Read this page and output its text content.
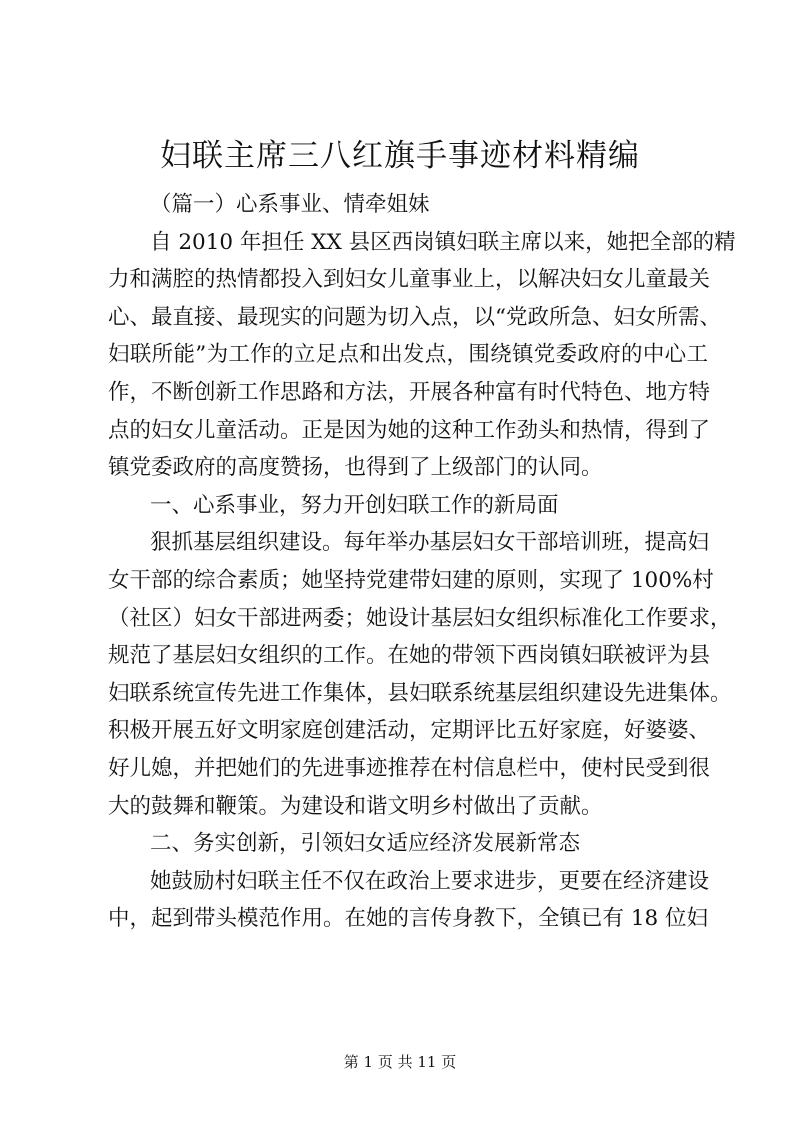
妇联主席三八红旗手事迹材料精编
（篇一）心系事业、情牵姐妹
自 2010 年担任 XX 县区西岗镇妇联主席以来，她把全部的精
力和满腔的热情都投入到妇女儿童事业上，以解决妇女儿童最关
心、最直接、最现实的问题为切入点，以“党政所急、妇女所需、
妇联所能”为工作的立足点和出发点，围绕镇党委政府的中心工
作，不断创新工作思路和方法，开展各种富有时代特色、地方特
点的妇女儿童活动。正是因为她的这种工作劲头和热情，得到了
镇党委政府的高度赞扬，也得到了上级部门的认同。
一、心系事业，努力开创妇联工作的新局面
狠抓基层组织建设。每年举办基层妇女干部培训班，提高妇
女干部的综合素质；她坚持党建带妇建的原则，实现了 100%村
（社区）妇女干部进两委；她设计基层妇女组织标准化工作要求，
规范了基层妇女组织的工作。在她的带领下西岗镇妇联被评为县
妇联系统宣传先进工作集体，县妇联系统基层组织建设先进集体。
积极开展五好文明家庭创建活动，定期评比五好家庭，好婆婆、
好儿媳，并把她们的先进事迹推荐在村信息栏中，使村民受到很
大的鼓舞和鞭策。为建设和谐文明乡村做出了贡献。
二、务实创新，引领妇女适应经济发展新常态
她鼓励村妇联主任不仅在政治上要求进步，更要在经济建设
中，起到带头模范作用。在她的言传身教下，全镇已有 18 位妇

第 1 页 共 11 页
